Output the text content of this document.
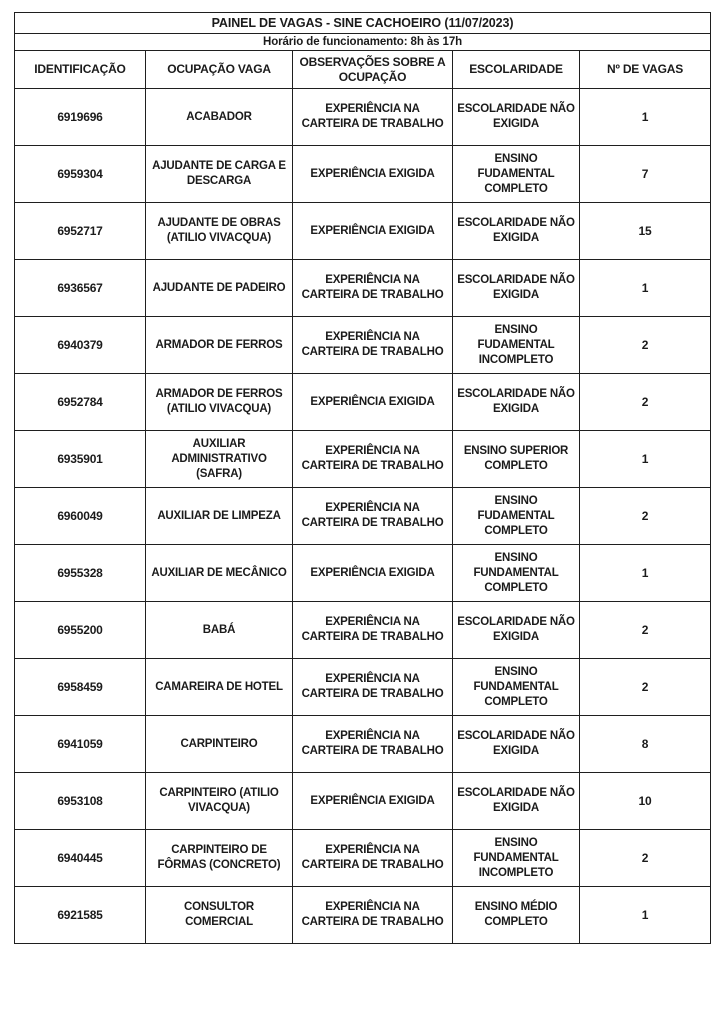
PAINEL DE VAGAS - SINE CACHOEIRO (11/07/2023)				
Horário de funcionamento: 8h às 17h				
IDENTIFICAÇÃO	OCUPAÇÃO VAGA	OBSERVAÇÕES SOBRE A OCUPAÇÃO	ESCOLARIDADE	Nº DE VAGAS
6919696	ACABADOR	EXPERIÊNCIA NA CARTEIRA DE TRABALHO	ESCOLARIDADE NÃO EXIGIDA	1
6959304	AJUDANTE DE CARGA E DESCARGA	EXPERIÊNCIA EXIGIDA	ENSINO FUDAMENTAL COMPLETO	7
6952717	AJUDANTE DE OBRAS (ATILIO VIVACQUA)	EXPERIÊNCIA EXIGIDA	ESCOLARIDADE NÃO EXIGIDA	15
6936567	AJUDANTE DE PADEIRO	EXPERIÊNCIA NA CARTEIRA DE TRABALHO	ESCOLARIDADE NÃO EXIGIDA	1
6940379	ARMADOR DE FERROS	EXPERIÊNCIA NA CARTEIRA DE TRABALHO	ENSINO FUDAMENTAL INCOMPLETO	2
6952784	ARMADOR DE FERROS (ATILIO VIVACQUA)	EXPERIÊNCIA EXIGIDA	ESCOLARIDADE NÃO EXIGIDA	2
6935901	AUXILIAR ADMINISTRATIVO (SAFRA)	EXPERIÊNCIA NA CARTEIRA DE TRABALHO	ENSINO SUPERIOR COMPLETO	1
6960049	AUXILIAR DE LIMPEZA	EXPERIÊNCIA NA CARTEIRA DE TRABALHO	ENSINO FUDAMENTAL COMPLETO	2
6955328	AUXILIAR DE MECÂNICO	EXPERIÊNCIA EXIGIDA	ENSINO FUNDAMENTAL COMPLETO	1
6955200	BABÁ	EXPERIÊNCIA NA CARTEIRA DE TRABALHO	ESCOLARIDADE NÃO EXIGIDA	2
6958459	CAMAREIRA DE HOTEL	EXPERIÊNCIA NA CARTEIRA DE TRABALHO	ENSINO FUNDAMENTAL COMPLETO	2
6941059	CARPINTEIRO	EXPERIÊNCIA NA CARTEIRA DE TRABALHO	ESCOLARIDADE NÃO EXIGIDA	8
6953108	CARPINTEIRO (ATILIO VIVACQUA)	EXPERIÊNCIA EXIGIDA	ESCOLARIDADE NÃO EXIGIDA	10
6940445	CARPINTEIRO DE FÔRMAS (CONCRETO)	EXPERIÊNCIA NA CARTEIRA DE TRABALHO	ENSINO FUNDAMENTAL INCOMPLETO	2
6921585	CONSULTOR COMERCIAL	EXPERIÊNCIA NA CARTEIRA DE TRABALHO	ENSINO MÉDIO COMPLETO	1
